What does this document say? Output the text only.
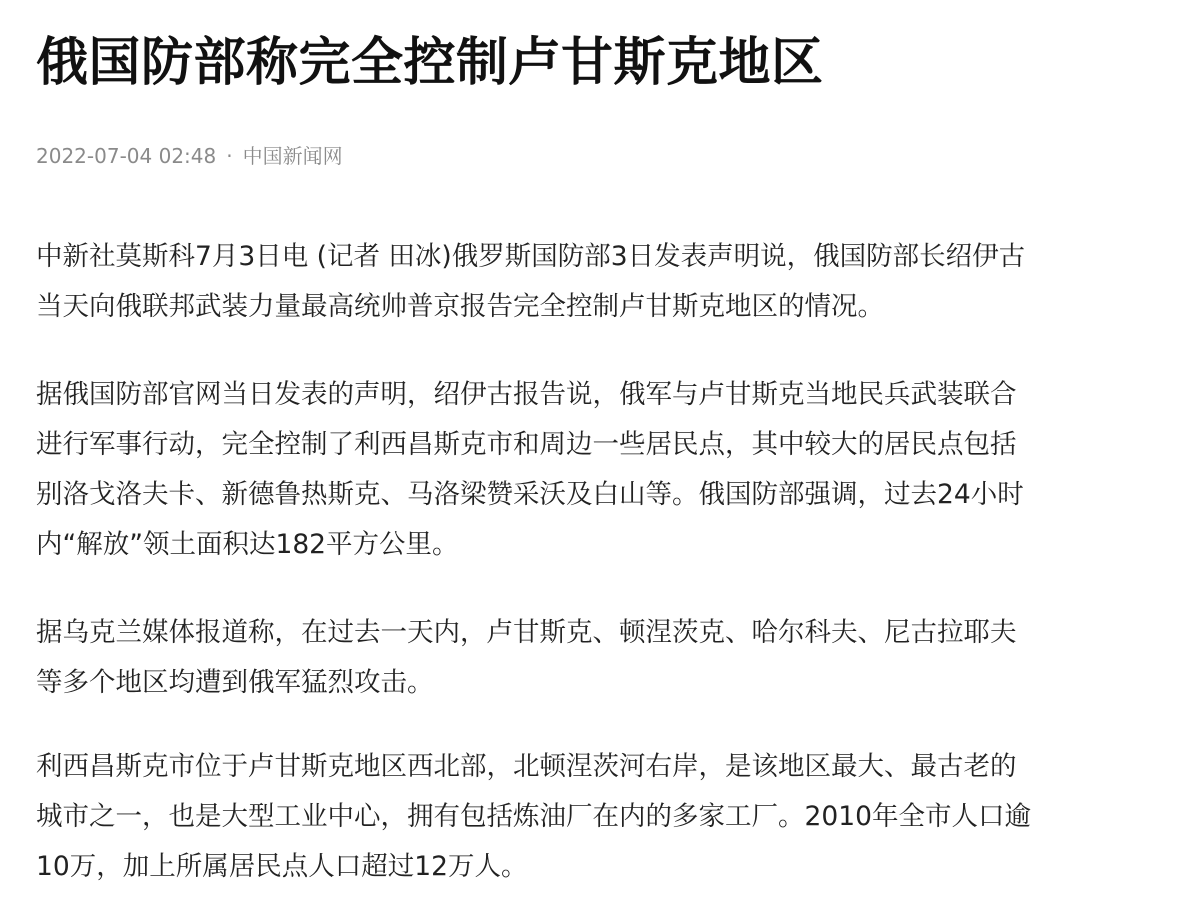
俄国防部称完全控制卢甘斯克地区
2022-07-04 02:48 · 中国新闻网

中新社莫斯科7月3日电 (记者 田冰)俄罗斯国防部3日发表声明说，俄国防部长绍伊古
当天向俄联邦武装力量最高统帅普京报告完全控制卢甘斯克地区的情况。

据俄国防部官网当日发表的声明，绍伊古报告说，俄军与卢甘斯克当地民兵武装联合
进行军事行动，完全控制了利西昌斯克市和周边一些居民点，其中较大的居民点包括
别洛戈洛夫卡、新德鲁热斯克、马洛梁赞采沃及白山等。俄国防部强调，过去24小时
内“解放”领土面积达182平方公里。

据乌克兰媒体报道称，在过去一天内，卢甘斯克、顿涅茨克、哈尔科夫、尼古拉耶夫
等多个地区均遭到俄军猛烈攻击。

利西昌斯克市位于卢甘斯克地区西北部，北顿涅茨河右岸，是该地区最大、最古老的
城市之一，也是大型工业中心，拥有包括炼油厂在内的多家工厂。2010年全市人口逾
10万，加上所属居民点人口超过12万人。
